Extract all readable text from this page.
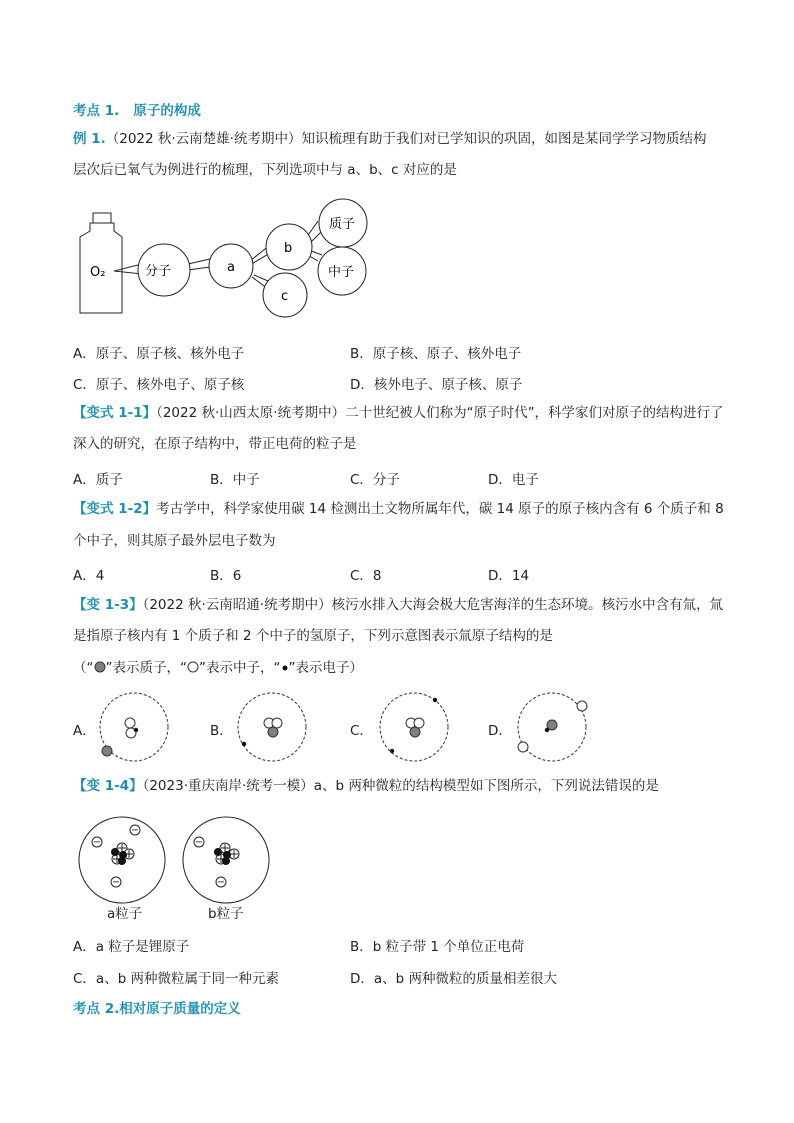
考点 1. 原子的构成
例 1.（2022 秋·云南楚雄·统考期中）知识梳理有助于我们对已学知识的巩固，如图是某同学学习物质结构
层次后已氧气为例进行的梳理，下列选项中与 a、b、c 对应的是
O₂	分子	a
b
c
质子
中子
A．原子、原子核、核外电子	B．原子核、原子、核外电子
C．原子、核外电子、原子核	D．核外电子、原子核、原子
【变式 1-1】（2022 秋·山西太原·统考期中）二十世纪被人们称为“原子时代”，科学家们对原子的结构进行了
深入的研究，在原子结构中，带正电荷的粒子是
A．质子	B．中子	C．分子	D．电子
【变式 1-2】考古学中，科学家使用碳 14 检测出土文物所属年代，碳 14 原子的原子核内含有 6 个质子和 8
个中子，则其原子最外层电子数为
A．4	B．6	C．8	D．14
【变 1-3】（2022 秋·云南昭通·统考期中）核污水排入大海会极大危害海洋的生态环境。核污水中含有氚，氚
是指原子核内有 1 个质子和 2 个中子的氢原子，下列示意图表示氚原子结构的是
（“ ”表示质子，“ ”表示中子，“ ”表示电子）
A．	B．	C．	D．
【变 1-4】（2023·重庆南岸·统考一模）a、b 两种微粒的结构模型如下图所示，下列说法错误的是
−
−
−
a粒子
−
−
b粒子
A．a 粒子是锂原子	B．b 粒子带 1 个单位正电荷
C．a、b 两种微粒属于同一种元素	D．a、b 两种微粒的质量相差很大
考点 2.相对原子质量的定义
